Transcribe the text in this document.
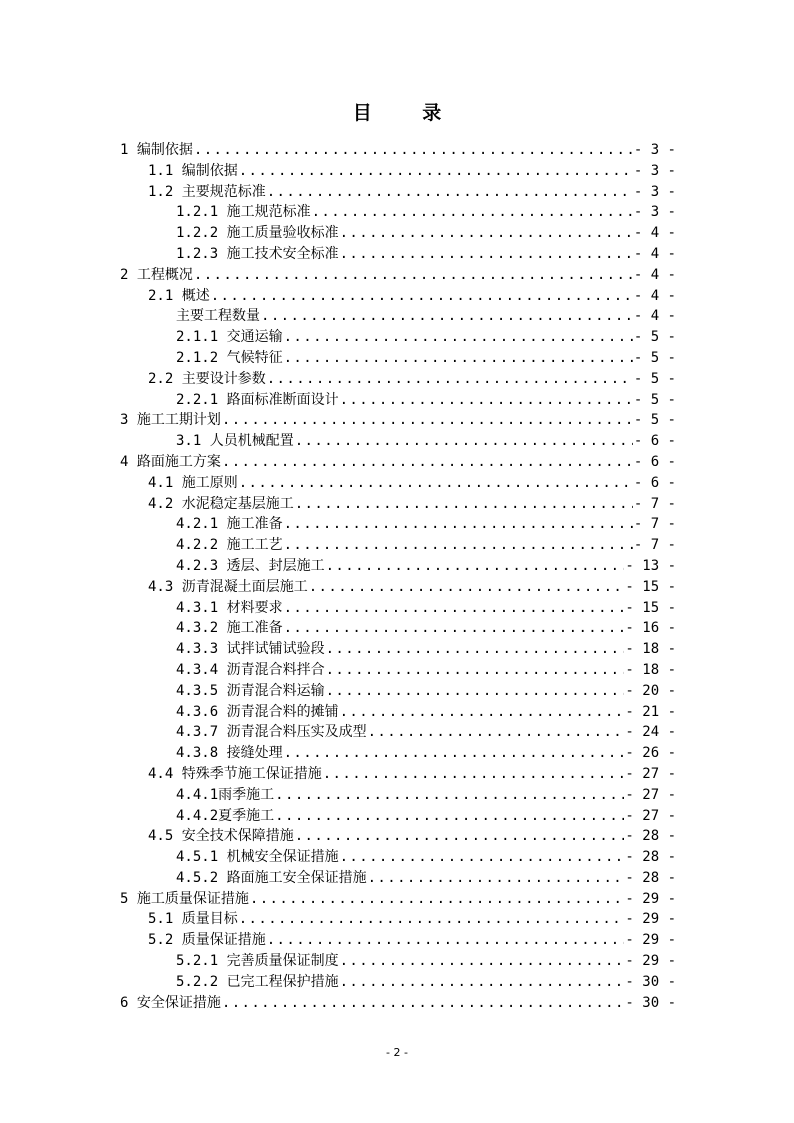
目 录
1 编制依据 .....	- 3 -
1.1 编制依据 .....	- 3 -
1.2 主要规范标准 .....	- 3 -
1.2.1 施工规范标准 .....	- 3 -
1.2.2 施工质量验收标准 .....	- 4 -
1.2.3 施工技术安全标准 .....	- 4 -
2 工程概况 .....	- 4 -
2.1 概述 .....	- 4 -
主要工程数量 .....	- 4 -
2.1.1 交通运输 .....	- 5 -
2.1.2 气候特征 .....	- 5 -
2.2 主要设计参数 .....	- 5 -
2.2.1 路面标准断面设计 .....	- 5 -
3 施工工期计划 .....	- 5 -
3.1 人员机械配置 .....	- 6 -
4 路面施工方案 .....	- 6 -
4.1 施工原则 .....	- 6 -
4.2 水泥稳定基层施工 .....	- 7 -
4.2.1 施工准备 .....	- 7 -
4.2.2 施工工艺 .....	- 7 -
4.2.3 透层、封层施工 .....	- 13 -
4.3 沥青混凝土面层施工 .....	- 15 -
4.3.1 材料要求 .....	- 15 -
4.3.2 施工准备 .....	- 16 -
4.3.3 试拌试铺试验段 .....	- 18 -
4.3.4 沥青混合料拌合 .....	- 18 -
4.3.5 沥青混合料运输 .....	- 20 -
4.3.6 沥青混合料的摊铺 .....	- 21 -
4.3.7 沥青混合料压实及成型 .....	- 24 -
4.3.8 接缝处理 .....	- 26 -
4.4 特殊季节施工保证措施 .....	- 27 -
4.4.1雨季施工 .....	- 27 -
4.4.2夏季施工 .....	- 27 -
4.5 安全技术保障措施 .....	- 28 -
4.5.1 机械安全保证措施 .....	- 28 -
4.5.2 路面施工安全保证措施 .....	- 28 -
5 施工质量保证措施 .....	- 29 -
5.1 质量目标 .....	- 29 -
5.2 质量保证措施 .....	- 29 -
5.2.1 完善质量保证制度 .....	- 29 -
5.2.2 已完工程保护措施 .....	- 30 -
6 安全保证措施 .....	- 30 -
- 2 -
